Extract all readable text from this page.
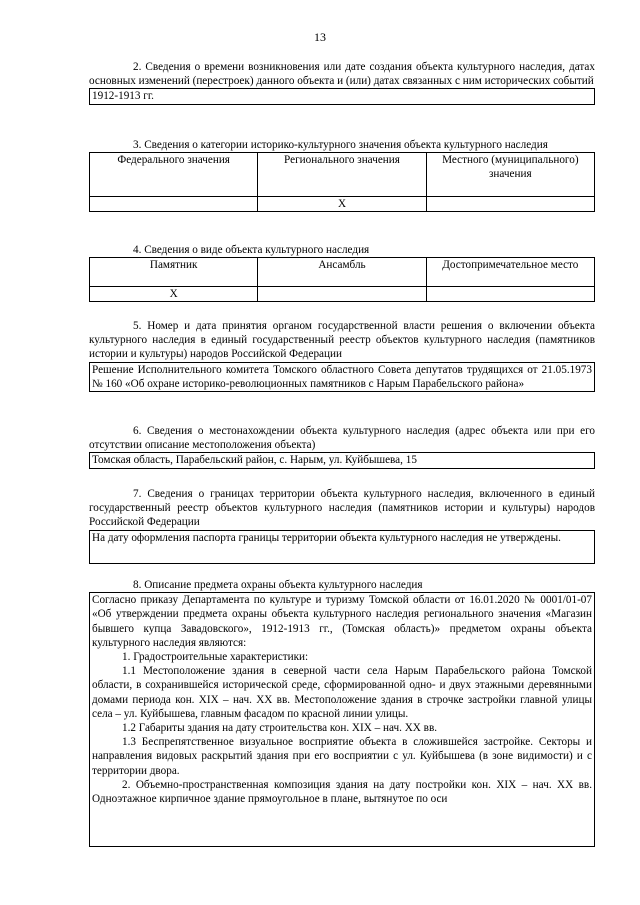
13
2. Сведения о времени возникновения или дате создания объекта культурного наследия, датах основных изменений (перестроек) данного объекта и (или) датах связанных с ним исторических событий
1912-1913 гг.
3. Сведения о категории историко-культурного значения объекта культурного наследия
Федерального значения	Регионального значения	Местного (муниципального) значения
	Х	
4. Сведения о виде объекта культурного наследия
Памятник	Ансамбль	Достопримечательное место
Х		
5. Номер и дата принятия органом государственной власти решения о включении объекта культурного наследия в единый государственный реестр объектов культурного наследия (памятников истории и культуры) народов Российской Федерации
Решение Исполнительного комитета Томского областного Совета депутатов трудящихся от 21.05.1973 № 160 «Об охране историко-революционных памятников с Нарым Парабельского района»
6. Сведения о местонахождении объекта культурного наследия (адрес объекта или при его отсутствии описание местоположения объекта)
Томская область, Парабельский район, с. Нарым, ул. Куйбышева, 15
7. Сведения о границах территории объекта культурного наследия, включенного в единый государственный реестр объектов культурного наследия (памятников истории и культуры) народов Российской Федерации
На дату оформления паспорта границы территории объекта культурного наследия не утверждены.
8. Описание предмета охраны объекта культурного наследия
Согласно приказу Департамента по культуре и туризму Томской области от 16.01.2020 № 0001/01-07 «Об утверждении предмета охраны объекта культурного наследия регионального значения «Магазин бывшего купца Завадовского», 1912-1913 гг., (Томская область)» предметом охраны объекта культурного наследия являются:
1. Градостроительные характеристики:
1.1 Местоположение здания в северной части села Нарым Парабельского района Томской области, в сохранившейся исторической среде, сформированной одно- и двух этажными деревянными домами периода кон. XIX – нач. XX вв. Местоположение здания в строчке застройки главной улицы села – ул. Куйбышева, главным фасадом по красной линии улицы.
1.2 Габариты здания на дату строительства кон. XIX – нач. XX вв.
1.3 Беспрепятственное визуальное восприятие объекта в сложившейся застройке. Секторы и направления видовых раскрытий здания при его восприятии с ул. Куйбышева (в зоне видимости) и с территории двора.
2. Объемно-пространственная композиция здания на дату постройки кон. XIX – нач. XX вв. Одноэтажное кирпичное здание прямоугольное в плане, вытянутое по оси
